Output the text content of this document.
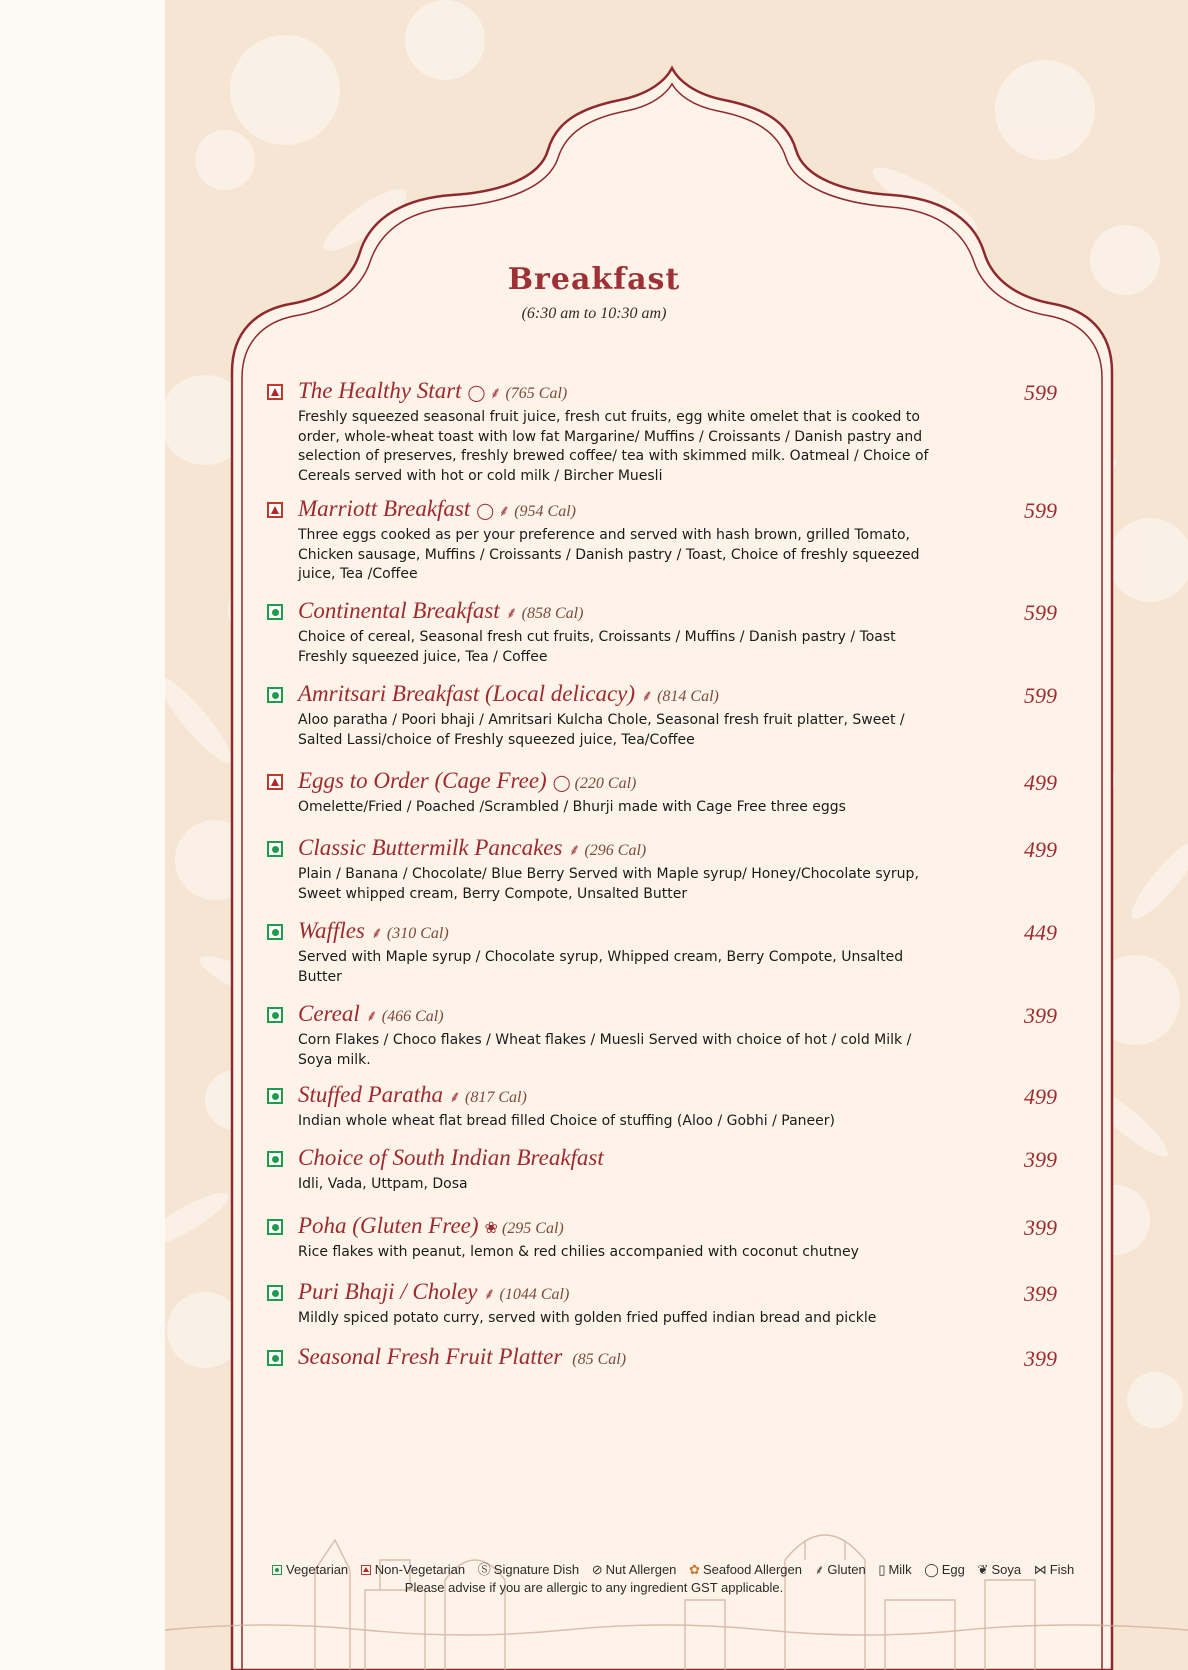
Breakfast
(6:30 am to 10:30 am)
The Healthy Start ◯ ⸙ (765 Cal)	599

Freshly squeezed seasonal fruit juice, fresh cut fruits, egg white omelet that is cooked to order, whole-wheat toast with low fat Margarine/ Muffins / Croissants / Danish pastry and selection of preserves, freshly brewed coffee/ tea with skimmed milk. Oatmeal / Choice of Cereals served with hot or cold milk / Bircher Muesli

Marriott Breakfast ◯ ⸙ (954 Cal)	599

Three eggs cooked as per your preference and served with hash brown, grilled Tomato, Chicken sausage, Muffins / Croissants / Danish pastry / Toast, Choice of freshly squeezed juice, Tea /Coffee

Continental Breakfast ⸙ (858 Cal)	599

Choice of cereal, Seasonal fresh cut fruits, Croissants / Muffins / Danish pastry / Toast Freshly squeezed juice, Tea / Coffee

Amritsari Breakfast (Local delicacy) ⸙ (814 Cal)	599

Aloo paratha / Poori bhaji / Amritsari Kulcha Chole, Seasonal fresh fruit platter, Sweet / Salted Lassi/choice of Freshly squeezed juice, Tea/Coffee

Eggs to Order (Cage Free) ◯ (220 Cal)	499

Omelette/Fried / Poached /Scrambled / Bhurji made with Cage Free three eggs

Classic Buttermilk Pancakes ⸙ (296 Cal)	499

Plain / Banana / Chocolate/ Blue Berry Served with Maple syrup/ Honey/Chocolate syrup, Sweet whipped cream, Berry Compote, Unsalted Butter

Waffles ⸙ (310 Cal)	449

Served with Maple syrup / Chocolate syrup, Whipped cream, Berry Compote, Unsalted Butter

Cereal ⸙ (466 Cal)	399

Corn Flakes / Choco flakes / Wheat flakes / Muesli Served with choice of hot / cold Milk / Soya milk.

Stuffed Paratha ⸙ (817 Cal)	499

Indian whole wheat flat bread filled Choice of stuffing (Aloo / Gobhi / Paneer)

Choice of South Indian Breakfast	399

Idli, Vada, Uttpam, Dosa

Poha (Gluten Free) ❀ (295 Cal)	399

Rice flakes with peanut, lemon & red chilies accompanied with coconut chutney

Puri Bhaji / Choley ⸙ (1044 Cal)	399

Mildly spiced potato curry, served with golden fried puffed indian bread and pickle

Seasonal Fresh Fruit Platter (85 Cal)	399

Vegetarian Non-Vegetarian Ⓢ Signature Dish ⊘ Nut Allergen ✿ Seafood Allergen ⸙ Gluten ▯ Milk ◯ Egg ❦ Soya ⋈ Fish
Please advise if you are allergic to any ingredient GST applicable.
